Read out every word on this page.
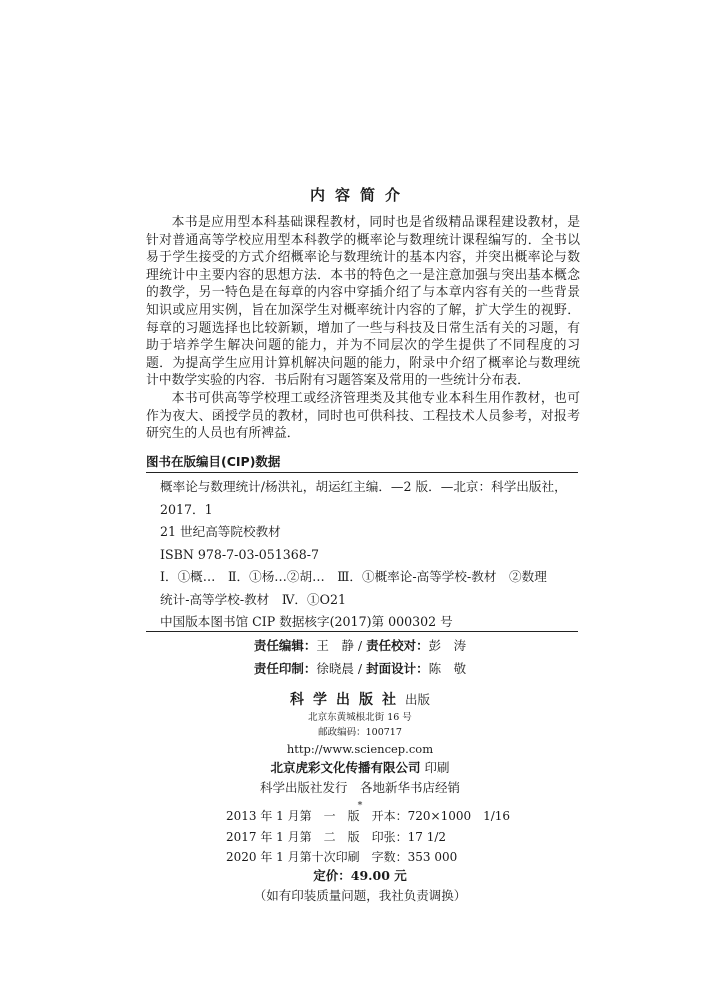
内容简介

本书是应用型本科基础课程教材，同时也是省级精品课程建设教材，是针对普通高等学校应用型本科教学的概率论与数理统计课程编写的．全书以易于学生接受的方式介绍概率论与数理统计的基本内容，并突出概率论与数理统计中主要内容的思想方法．本书的特色之一是注意加强与突出基本概念的教学，另一特色是在每章的内容中穿插介绍了与本章内容有关的一些背景知识或应用实例，旨在加深学生对概率统计内容的了解，扩大学生的视野．每章的习题选择也比较新颖，增加了一些与科技及日常生活有关的习题，有助于培养学生解决问题的能力，并为不同层次的学生提供了不同程度的习题．为提高学生应用计算机解决问题的能力，附录中介绍了概率论与数理统计中数学实验的内容．书后附有习题答案及常用的一些统计分布表．

本书可供高等学校理工或经济管理类及其他专业本科生用作教材，也可作为夜大、函授学员的教材，同时也可供科技、工程技术人员参考，对报考研究生的人员也有所裨益．

图书在版编目(CIP)数据
概率论与数理统计/杨洪礼，胡运红主编．—2 版．—北京：科学出版社，
2017．1
21 世纪高等院校教材
ISBN 978-7-03-051368-7
Ⅰ．①概…　Ⅱ．①杨…②胡…　Ⅲ．①概率论-高等学校-教材　②数理
统计-高等学校-教材　Ⅳ．①O21
中国版本图书馆 CIP 数据核字(2017)第 000302 号
责任编辑：王　静 / 责任校对：彭　涛
责任印制：徐晓晨 / 封面设计：陈　敬
科学出版社出版
北京东黄城根北街 16 号
邮政编码：100717
http://www.sciencep.com
北京虎彩文化传播有限公司 印刷
科学出版社发行　各地新华书店经销
*
2013 年 1 月第　一　版　开本：720×1000　1/16
2017 年 1 月第　二　版　印张：17 1/2
2020 年 1 月第十次印刷　字数：353 000
定价：49.00 元
（如有印装质量问题，我社负责调换）
